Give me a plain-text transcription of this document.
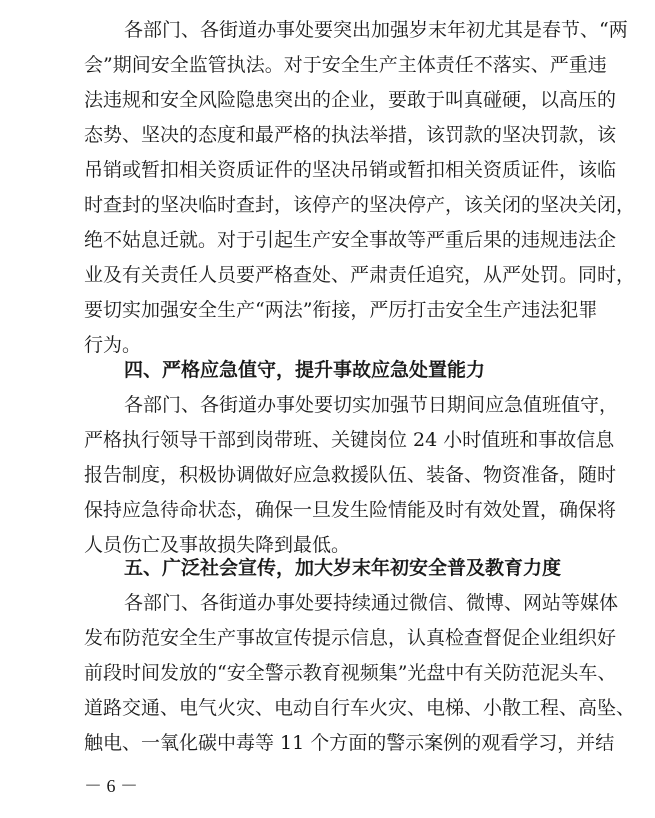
各部门、各街道办事处要突出加强岁末年初尤其是春节、“两
会”期间安全监管执法。对于安全生产主体责任不落实、严重违
法违规和安全风险隐患突出的企业，要敢于叫真碰硬，以高压的
态势、坚决的态度和最严格的执法举措，该罚款的坚决罚款，该
吊销或暂扣相关资质证件的坚决吊销或暂扣相关资质证件，该临
时查封的坚决临时查封，该停产的坚决停产，该关闭的坚决关闭，
绝不姑息迁就。对于引起生产安全事故等严重后果的违规违法企
业及有关责任人员要严格查处、严肃责任追究，从严处罚。同时，
要切实加强安全生产“两法”衔接，严厉打击安全生产违法犯罪
行为。
四、严格应急值守，提升事故应急处置能力
各部门、各街道办事处要切实加强节日期间应急值班值守，
严格执行领导干部到岗带班、关键岗位 24 小时值班和事故信息
报告制度，积极协调做好应急救援队伍、装备、物资准备，随时
保持应急待命状态，确保一旦发生险情能及时有效处置，确保将
人员伤亡及事故损失降到最低。
五、广泛社会宣传，加大岁末年初安全普及教育力度
各部门、各街道办事处要持续通过微信、微博、网站等媒体
发布防范安全生产事故宣传提示信息，认真检查督促企业组织好
前段时间发放的“安全警示教育视频集”光盘中有关防范泥头车、
道路交通、电气火灾、电动自行车火灾、电梯、小散工程、高坠、
触电、一氧化碳中毒等 11 个方面的警示案例的观看学习，并结
－ 6 －
